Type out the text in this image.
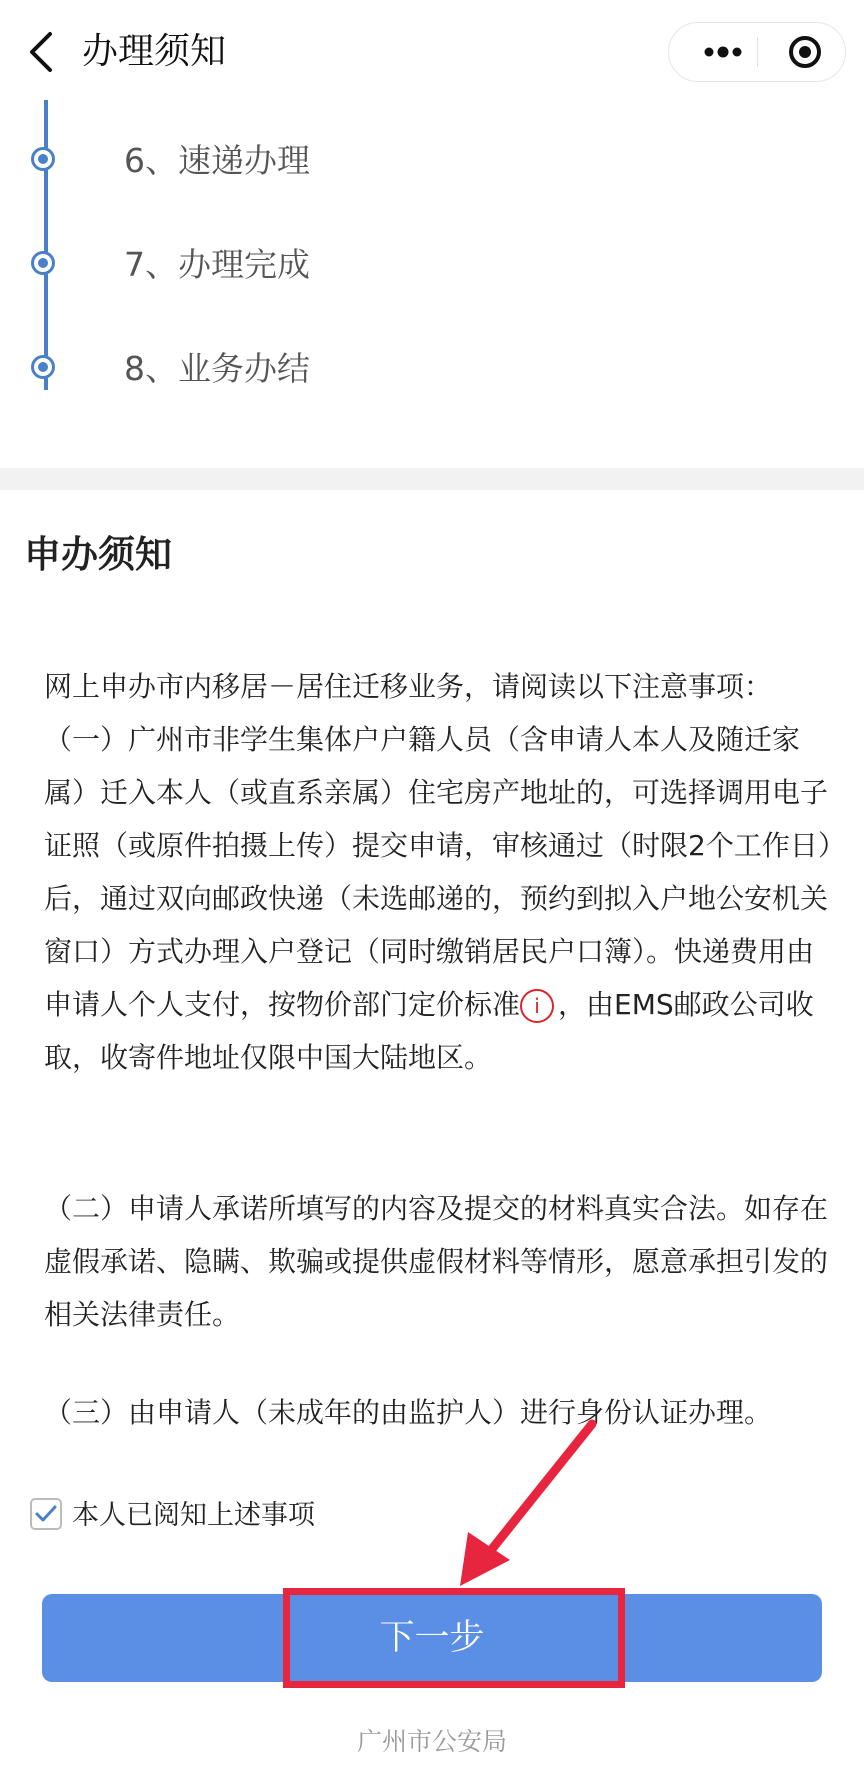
办理须知
6、速递办理
7、办理完成
8、业务办结
申办须知

网上申办市内移居－居住迁移业务，请阅读以下注意事项：

（一）广州市非学生集体户户籍人员（含申请人本人及随迁家属）迁入本人（或直系亲属）住宅房产地址的，可选择调用电子证照（或原件拍摄上传）提交申请，审核通过（时限2个工作日）后，通过双向邮政快递（未选邮递的，预约到拟入户地公安机关窗口）方式办理入户登记（同时缴销居民户口簿）。快递费用由申请人个人支付，按物价部门定价标准 i ，由EMS邮政公司收取，收寄件地址仅限中国大陆地区。

（二）申请人承诺所填写的内容及提交的材料真实合法。如存在虚假承诺、隐瞒、欺骗或提供虚假材料等情形，愿意承担引发的相关法律责任。

（三）由申请人（未成年的由监护人）进行身份认证办理。

本人已阅知上述事项
下一步
广州市公安局
